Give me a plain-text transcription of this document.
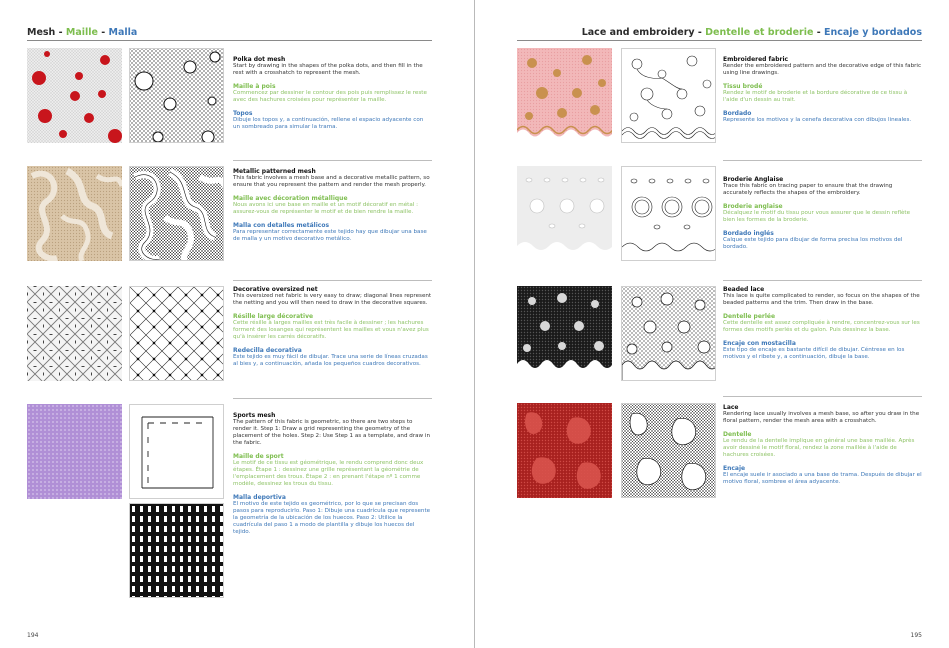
Mesh - Maille - Malla
Polka dot mesh
Start by drawing in the shapes of the polka dots, and then fill in the rest with a crosshatch to represent the mesh.
Maille à pois
Commencez par dessiner le contour des pois puis remplissez le reste avec des hachures croisées pour représenter la maille.
Topos
Dibuje los topos y, a continuación, rellene el espacio adyacente con un sombreado para simular la trama.
Metallic patterned mesh
This fabric involves a mesh base and a decorative metallic pattern, so ensure that you represent the pattern and render the mesh properly.
Maille avec décoration métallique
Nous avons ici une base en maille et un motif décoratif en métal : assurez-vous de représenter le motif et de bien rendre la maille.
Malla con detalles metálicos
Para representar correctamente este tejido hay que dibujar una base de malla y un motivo decorativo metálico.
Decorative oversized net
This oversized net fabric is very easy to draw; diagonal lines represent the netting and you will then need to draw in the decorative squares.
Résille large décorative
Cette résille à larges mailles est très facile à dessiner ; les hachures forment des losanges qui représentent les mailles et vous n'avez plus qu'à insérer les carrés décoratifs.
Redecilla decorativa
Este tejido es muy fácil de dibujar. Trace una serie de líneas cruzadas al bies y, a continuación, añada los pequeños cuadros decorativos.
Sports mesh
The pattern of this fabric is geometric, so there are two steps to render it. Step 1: Draw a grid representing the geometry of the placement of the holes. Step 2: Use Step 1 as a template, and draw in the fabric.
Maille de sport
Le motif de ce tissu est géométrique, le rendu comprend donc deux étapes. Étape 1 : dessinez une grille représentant la géométrie de l'emplacement des trous. Étape 2 : en prenant l'étape nº 1 comme modèle, dessinez les trous du tissu.
Malla deportiva
El motivo de este tejido es geométrico, por lo que se precisan dos pasos para reproducirlo. Paso 1: Dibuje una cuadrícula que represente la geometría de la ubicación de los huecos. Paso 2: Utilice la cuadrícula del paso 1 a modo de plantilla y dibuje los huecos del tejido.
194
Lace and embroidery - Dentelle et broderie - Encaje y bordados
Embroidered fabric
Render the embroidered pattern and the decorative edge of this fabric using line drawings.
Tissu brodé
Rendez le motif de broderie et la bordure décorative de ce tissu à l'aide d'un dessin au trait.
Bordado
Represente los motivos y la cenefa decorativa con dibujos lineales.
Broderie Anglaise
Trace this fabric on tracing paper to ensure that the drawing accurately reflects the shapes of the embroidery.
Broderie anglaise
Décalquez le motif du tissu pour vous assurer que le dessin reflète bien les formes de la broderie.
Bordado inglés
Calque este tejido para dibujar de forma precisa los motivos del bordado.
Beaded lace
This lace is quite complicated to render, so focus on the shapes of the beaded patterns and the trim. Then draw in the base.
Dentelle perlée
Cette dentelle est assez compliquée à rendre, concentrez-vous sur les formes des motifs perlés et du galon. Puis dessinez la base.
Encaje con mostacilla
Este tipo de encaje es bastante difícil de dibujar. Céntrese en los motivos y el ribete y, a continuación, dibuje la base.
Lace
Rendering lace usually involves a mesh base, so after you draw in the floral pattern, render the mesh area with a crosshatch.
Dentelle
Le rendu de la dentelle implique en général une base maillée. Après avoir dessiné le motif floral, rendez la zone maillée à l'aide de hachures croisées.
Encaje
El encaje suele ir asociado a una base de trama. Después de dibujar el motivo floral, sombree el área adyacente.
195
